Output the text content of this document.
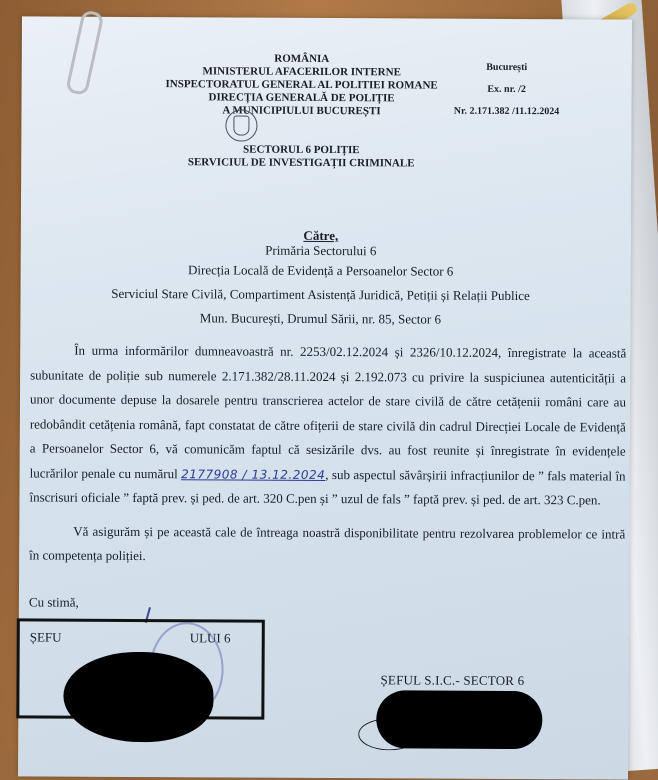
ROMÂNIA
MINISTERUL AFACERILOR INTERNE
INSPECTORATUL GENERAL AL POLITIEI ROMANE
DIRECȚIA GENERALĂ DE POLIȚIE
A MUNICIPIULUI BUCUREȘTI
SECTORUL 6 POLIȚIE
SERVICIUL DE INVESTIGAȚII CRIMINALE
București
Ex. nr. /2
Nr. 2.171.382 /11.12.2024
Către,
Primăria Sectorului 6
Direcția Locală de Evidență a Persoanelor Sector 6
Serviciul Stare Civilă, Compartiment Asistență Juridică, Petiții și Relații Publice
Mun. București, Drumul Sării, nr. 85, Sector 6

În urma informărilor dumneavoastră nr. 2253/02.12.2024 și 2326/10.12.2024, înregistrate la această subunitate de poliție sub numerele 2.171.382/28.11.2024 și 2.192.073 cu privire la suspiciunea autenticității a unor documente depuse la dosarele pentru transcrierea actelor de stare civilă de către cetățenii români care au redobândit cetățenia română, fapt constatat de către ofițerii de stare civilă din cadrul Direcției Locale de Evidență a Persoanelor Sector 6, vă comunicăm faptul că sesizările dvs. au fost reunite și înregistrate în evidențele lucrărilor penale cu numărul 2177908 / 13.12.2024, sub aspectul săvârșirii infracțiunilor de ” fals material în înscrisuri oficiale ” faptă prev. și ped. de art. 320 C.pen și ” uzul de fals ” faptă prev. și ped. de art. 323 C.pen.

Vă asigurăm și pe această cale de întreaga noastră disponibilitate pentru rezolvarea problemelor ce intră în competența poliției.

Cu stimă,
ȘEFU	ULUI 6
ȘEFUL S.I.C.- SECTOR 6
